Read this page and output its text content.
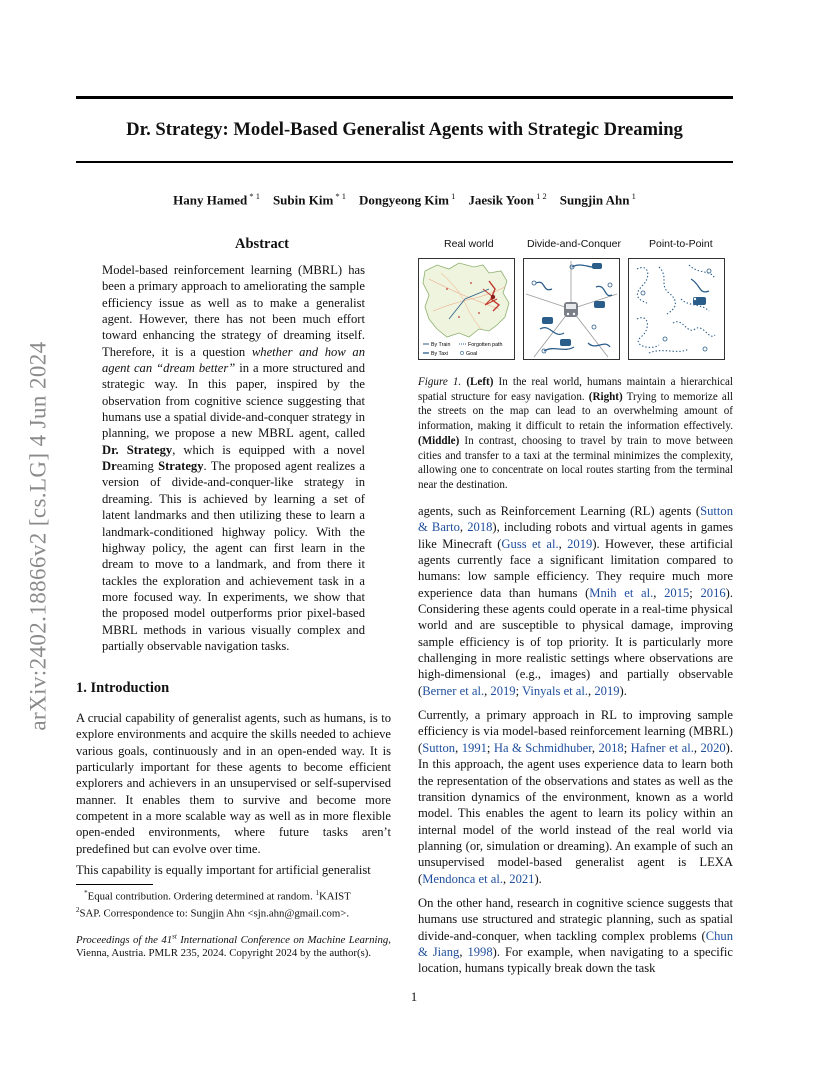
arXiv:2402.18866v2 [cs.LG] 4 Jun 2024
Dr. Strategy: Model-Based Generalist Agents with Strategic Dreaming
Hany Hamed $^{* 1}$  Subin Kim $^{* 1}$  Dongyeong Kim $^1$  Jaesik Yoon $^{1 2}$  Sungjin Ahn $^1$
Abstract

Model-based reinforcement learning (MBRL) has been a primary approach to ameliorating the sample efficiency issue as well as to make a generalist agent. However, there has not been much effort toward enhancing the strategy of dreaming itself. Therefore, it is a question whether and how an agent can “dream better” in a more structured and strategic way. In this paper, inspired by the observation from cognitive science suggesting that humans use a spatial divide-and-conquer strategy in planning, we propose a new MBRL agent, called Dr. Strategy, which is equipped with a novel Dreaming Strategy. The proposed agent realizes a version of divide-and-conquer-like strategy in dreaming. This is achieved by learning a set of latent landmarks and then utilizing these to learn a landmark-conditioned highway policy. With the highway policy, the agent can first learn in the dream to move to a landmark, and from there it tackles the exploration and achievement task in a more focused way. In experiments, we show that the proposed model outperforms prior pixel-based MBRL methods in various visually complex and partially observable navigation tasks.

1. Introduction

A crucial capability of generalist agents, such as humans, is to explore environments and acquire the skills needed to achieve various goals, continuously and in an open-ended way. It is particularly important for these agents to become efficient explorers and achievers in an unsupervised or self-supervised manner. It enables them to survive and become more competent in a more scalable way as well as in more flexible open-ended environments, where future tasks aren’t predefined but can evolve over time.

This capability is equally important for artificial generalist

*Equal contribution. Ordering determined at random. $^1$KAIST

$^2$SAP. Correspondence to: Sungjin Ahn <sjn.ahn@gmail.com>.

Proceedings of the 41st International Conference on Machine Learning, Vienna, Austria. PMLR 235, 2024. Copyright 2024 by the author(s).
Real world	Divide-and-Conquer	Point-to-Point
By Train	Forgotten path
By Taxi	Goal
Figure 1. (Left) In the real world, humans maintain a hierarchical spatial structure for easy navigation. (Right) Trying to memorize all the streets on the map can lead to an overwhelming amount of information, making it difficult to retain the information effectively. (Middle) In contrast, choosing to travel by train to move between cities and transfer to a taxi at the terminal minimizes the complexity, allowing one to concentrate on local routes starting from the terminal near the destination.

agents, such as Reinforcement Learning (RL) agents (Sutton & Barto, 2018), including robots and virtual agents in games like Minecraft (Guss et al., 2019). However, these artificial agents currently face a significant limitation compared to humans: low sample efficiency. They require much more experience data than humans (Mnih et al., 2015; 2016). Considering these agents could operate in a real-time physical world and are susceptible to physical damage, improving sample efficiency is of top priority. It is particularly more challenging in more realistic settings where observations are high-dimensional (e.g., images) and partially observable (Berner et al., 2019; Vinyals et al., 2019).

Currently, a primary approach in RL to improving sample efficiency is via model-based reinforcement learning (MBRL) (Sutton, 1991; Ha & Schmidhuber, 2018; Hafner et al., 2020). In this approach, the agent uses experience data to learn both the representation of the observations and states as well as the transition dynamics of the environment, known as a world model. This enables the agent to learn its policy within an internal model of the world instead of the real world via planning (or, simulation or dreaming). An example of such an unsupervised model-based generalist agent is LEXA (Mendonca et al., 2021).

On the other hand, research in cognitive science suggests that humans use structured and strategic planning, such as spatial divide-and-conquer, when tackling complex problems (Chun & Jiang, 1998). For example, when navigating to a specific location, humans typically break down the task

1
